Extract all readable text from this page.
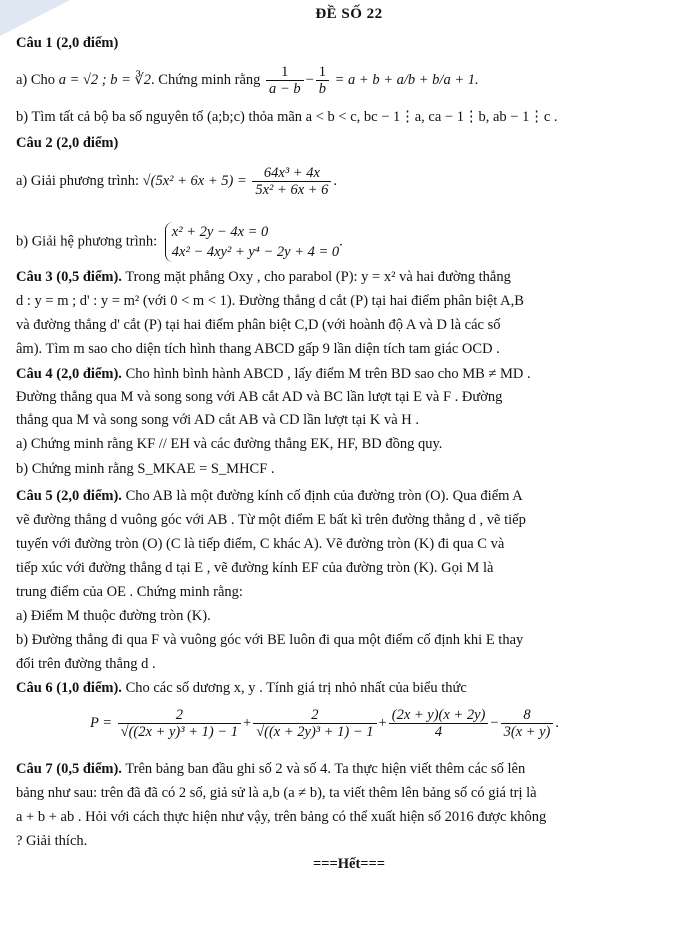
ĐỀ SỐ 22
Câu 1 (2,0 điểm)
a) Cho a = √2 ; b = ∛2. Chứng minh rằng $\frac{1}{a - b} - \frac{1}{b} = a + b + a/b + b/a + 1$.
b) Tìm tất cả bộ ba số nguyên tố (a;b;c) thỏa mãn a < b < c, bc − 1⋮a, ca − 1⋮b, ab − 1⋮c .
Câu 2 (2,0 điểm)
a) Giải phương trình: $√(5x^2 + 6x + 5) = \frac{\text{64x³ + 4x}}{\text{5x² + 6x + 6}}$ .
b) Giải hệ phương trình:
x² + 2y − 4x = 0
4x² − 4xy² + y⁴ − 2y + 4 = 0
.
Câu 3 (0,5 điểm). Trong mặt phẳng Oxy , cho parabol (P): y = x² và hai đường thẳng
d : y = m ; d' : y = m² (với 0 < m < 1). Đường thẳng d cắt (P) tại hai điểm phân biệt A,B
và đường thẳng d' cắt (P) tại hai điểm phân biệt C,D (với hoành độ A và D là các số
âm). Tìm m sao cho diện tích hình thang ABCD gấp 9 lần diện tích tam giác OCD .
Câu 4 (2,0 điểm). Cho hình bình hành ABCD , lấy điểm M trên BD sao cho MB ≠ MD .
Đường thẳng qua M và song song với AB cắt AD và BC lần lượt tại E và F . Đường
thẳng qua M và song song với AD cắt AB và CD lần lượt tại K và H .
a) Chứng minh rằng KF // EH và các đường thẳng EK, HF, BD đồng quy.
b) Chứng minh rằng S_MKAE = S_MHCF .
Câu 5 (2,0 điểm). Cho AB là một đường kính cố định của đường tròn (O). Qua điểm A
vẽ đường thẳng d vuông góc với AB . Từ một điểm E bất kì trên đường thẳng d , vẽ tiếp
tuyến với đường tròn (O) (C là tiếp điểm, C khác A). Vẽ đường tròn (K) đi qua C và
tiếp xúc với đường thẳng d tại E , vẽ đường kính EF của đường tròn (K). Gọi M là
trung điểm của OE . Chứng minh rằng:
a) Điểm M thuộc đường tròn (K).
b) Đường thẳng đi qua F và vuông góc với BE luôn đi qua một điểm cố định khi E thay
đổi trên đường thẳng d .
Câu 6 (1,0 điểm). Cho các số dương x, y . Tính giá trị nhỏ nhất của biểu thức
$P = \frac{2}{\text{√((2x + y)³ + 1) − 1}} + \frac{2}{\text{√((x + 2y)³ + 1) − 1}} + \frac{(2x + y)(x + 2y)}{4} - \frac{8}{3(x + y)}$ .
Câu 7 (0,5 điểm). Trên bảng ban đầu ghi số 2 và số 4. Ta thực hiện viết thêm các số lên
bảng như sau: trên đã đã có 2 số, giả sử là a,b (a ≠ b), ta viết thêm lên bảng số có giá trị là
a + b + ab . Hỏi với cách thực hiện như vậy, trên bảng có thể xuất hiện số 2016 được không
? Giải thích.
===Hết===
